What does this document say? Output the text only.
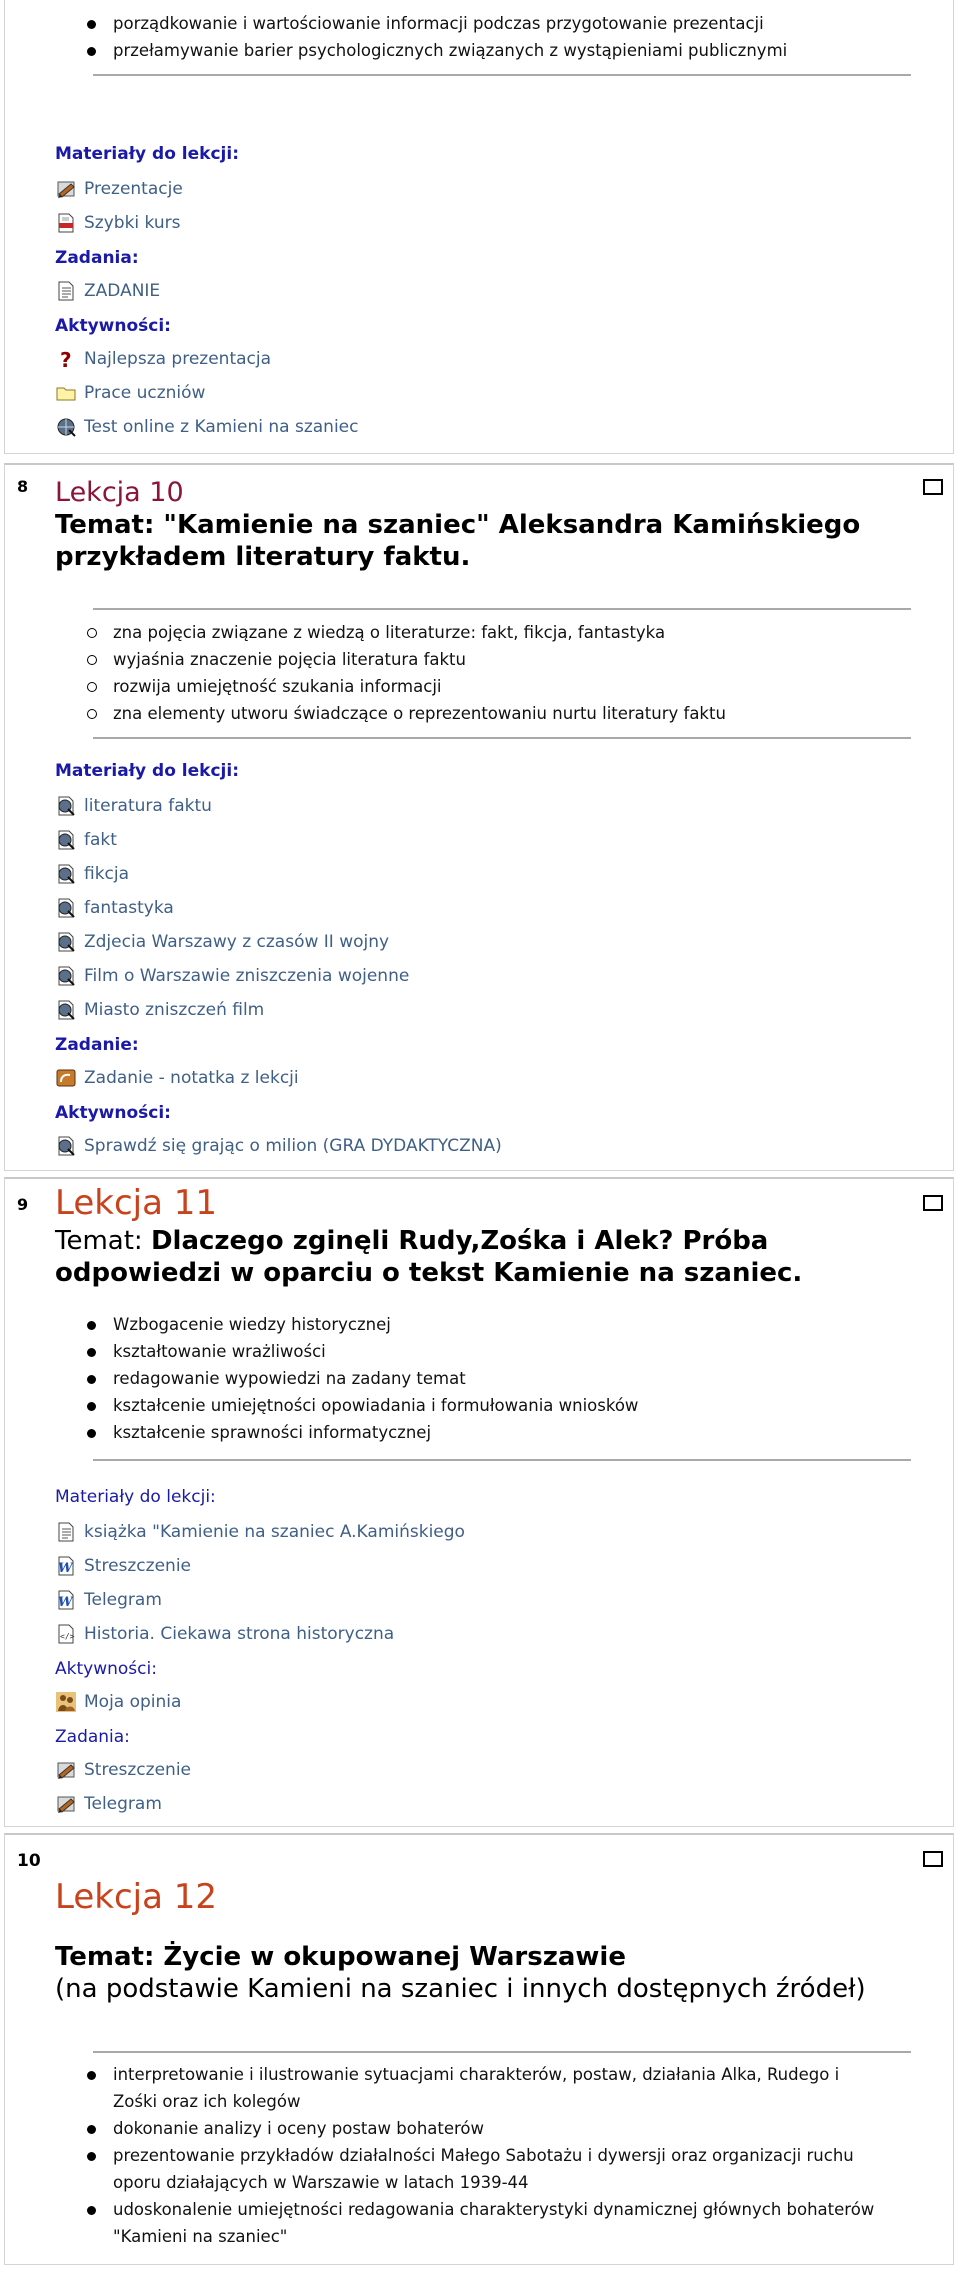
porządkowanie i wartościowanie informacji podczas przygotowanie prezentacji
przełamywanie barier psychologicznych związanych z wystąpieniami publicznymi
Materiały do lekcji:
Prezentacje
Szybki kurs
Zadania:
ZADANIE
Aktywności:
? Najlepsza prezentacja
Prace uczniów
Test online z Kamieni na szaniec
8 Lekcja 10
Temat: "Kamienie na szaniec" Aleksandra Kamińskiego
przykładem literatury faktu.
zna pojęcia związane z wiedzą o literaturze: fakt, fikcja, fantastyka
wyjaśnia znaczenie pojęcia literatura faktu
rozwija umiejętność szukania informacji
zna elementy utworu świadczące o reprezentowaniu nurtu literatury faktu
Materiały do lekcji:
literatura faktu
fakt
fikcja
fantastyka
Zdjecia Warszawy z czasów II wojny
Film o Warszawie zniszczenia wojenne
Miasto zniszczeń film
Zadanie:
Zadanie - notatka z lekcji
Aktywności:
Sprawdź się grając o milion (GRA DYDAKTYCZNA)
9 Lekcja 11
Temat: Dlaczego zginęli Rudy,Zośka i Alek? Próba
odpowiedzi w oparciu o tekst Kamienie na szaniec.
Wzbogacenie wiedzy historycznej
kształtowanie wrażliwości
redagowanie wypowiedzi na zadany temat
kształcenie umiejętności opowiadania i formułowania wniosków
kształcenie sprawności informatycznej
Materiały do lekcji:
książka "Kamienie na szaniec A.Kamińskiego
W Streszczenie
W Telegram
</> Historia. Ciekawa strona historyczna
Aktywności:
Moja opinia
Zadania:
Streszczenie
Telegram
10
Lekcja 12
Temat: Życie w okupowanej Warszawie
(na podstawie Kamieni na szaniec i innych dostępnych źródeł)
interpretowanie i ilustrowanie sytuacjami charakterów, postaw, działania Alka, Rudego i
Zośki oraz ich kolegów
dokonanie analizy i oceny postaw bohaterów
prezentowanie przykładów działalności Małego Sabotażu i dywersji oraz organizacji ruchu
oporu działających w Warszawie w latach 1939-44
udoskonalenie umiejętności redagowania charakterystyki dynamicznej głównych bohaterów
"Kamieni na szaniec"
